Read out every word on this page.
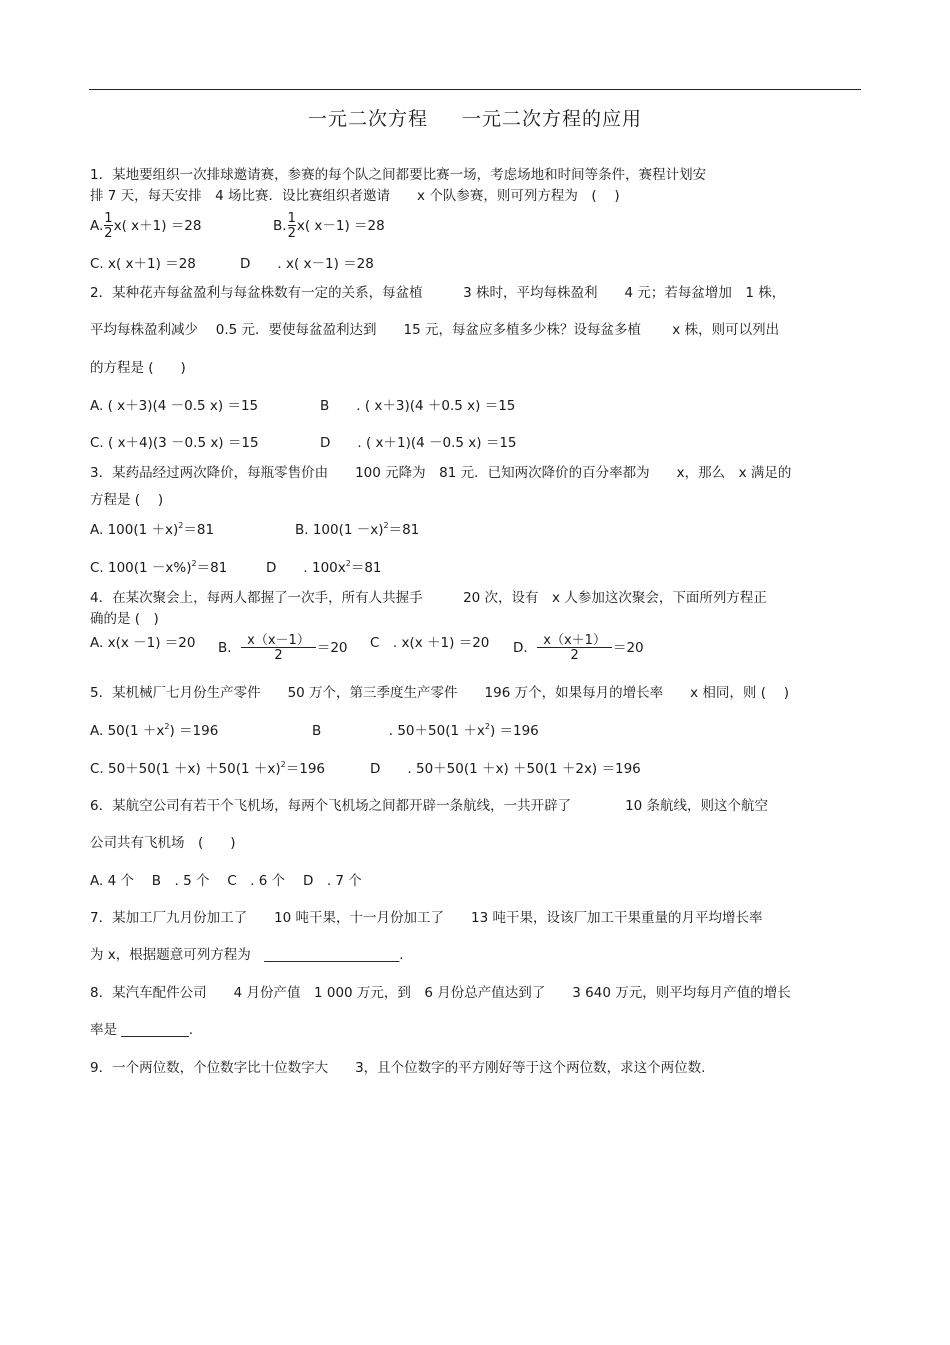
一元二次方程 一元二次方程的应用
1．某地要组织一次排球邀请赛，参赛的每个队之间都要比赛一场，考虑场地和时间等条件，赛程计划安
排 7 天，每天安排　4 场比赛．设比赛组织者邀请　　x 个队参赛，则可列方程为　( 　)
A. $\frac{1}{2} x$( x＋1) ＝28	B. $\frac{1}{2} x$( x－1) ＝28
C. x( x＋1) ＝28	D　　. x( x－1) ＝28
2．某种花卉每盆盈利与每盆株数有一定的关系，每盆植　　　3 株时，平均每株盈利　　4 元；若每盆增加　1 株，
平均每株盈利减少　 0.5 元．要使每盆盈利达到　　15 元，每盆应多植多少株？设每盆多植　　 x 株，则可以列出
的方程是 (　　)
A. ( x＋3)(4 －0.5 x) ＝15	B　　. ( x＋3)(4 ＋0.5 x) ＝15
C. ( x＋4)(3 －0.5 x) ＝15	D　　. ( x＋1)(4 －0.5 x) ＝15
3．某药品经过两次降价，每瓶零售价由　　100 元降为　81 元．已知两次降价的百分率都为　　x，那么　x 满足的
方程是 (　 )
A. $100(1 +x)^2=81$	B. $100(1 -x)^2=81$
C. $100(1 -x\%)^2=81$	D　　. $100x^2=81$
4．在某次聚会上，每两人都握了一次手，所有人共握手　　　20 次，设有　x 人参加这次聚会，下面所列方程正
确的是 (　)
A. x(x －1) ＝20 B. $\frac{x(x-1)}{2} =20$ C　. x(x ＋1) ＝20 D. $\frac{x(x+1)}{2} =20$
5．某机械厂七月份生产零件　　50 万个，第三季度生产零件　　196 万个，如果每月的增长率　　x 相同，则 (　 )
A. $50(1 +x^2) =196$	B　　　　　. $50+50(1 +x^2) =196$
C. $50+50(1 +x) +50(1 +x)^2=196$	D　　. 50＋50(1 ＋x) ＋50(1 ＋2x) ＝196
6．某航空公司有若干个飞机场，每两个飞机场之间都开辟一条航线，一共开辟了　　　　10 条航线，则这个航空
公司共有飞机场　(　　)
A. 4 个　 B　. 5 个　 C　. 6 个　 D　. 7 个
7．某加工厂九月份加工了　　10 吨干果，十一月份加工了　　13 吨干果，设该厂加工干果重量的月平均增长率
为 x，根据题意可列方程为　____________________.
8．某汽车配件公司　　4 月份产值　1 000 万元，到　6 月份总产值达到了　　3 640 万元，则平均每月产值的增长
率是 __________.
9．一个两位数，个位数字比十位数字大　　3，且个位数字的平方刚好等于这个两位数，求这个两位数.
